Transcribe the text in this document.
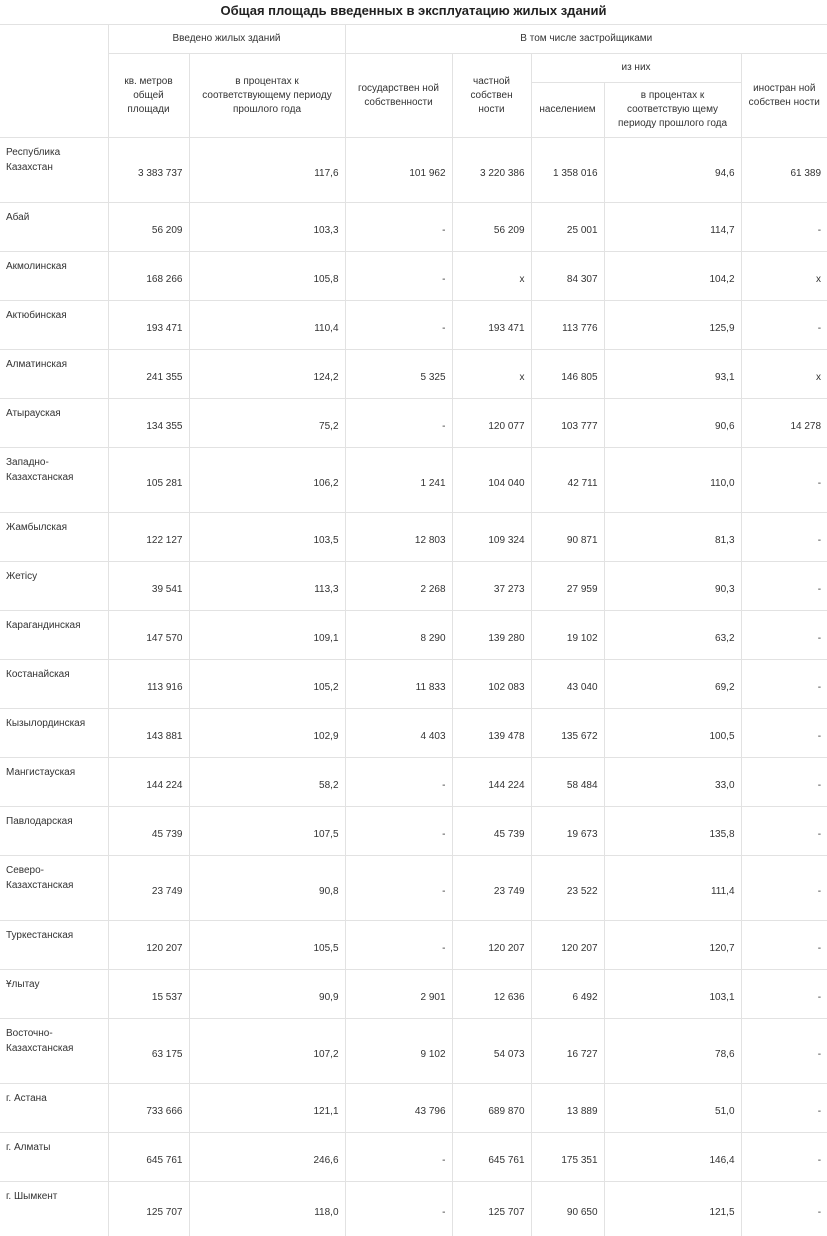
Общая площадь введенных в эксплуатацию жилых зданий
	Введено жилых зданий		В том числе застройщиками				
	кв. метров общей площади	в процентах к соответствующему периоду прошлого года	государствен ной собственности	частной собствен ности	из них		иностран ной собствен ности
					населением	в процентах к соответствую щему периоду прошлого года	
Республика Казахстан	3 383 737	117,6	101 962	3 220 386	1 358 016	94,6	61 389
Абай	56 209	103,3	-	56 209	25 001	114,7	-
Акмолинская	168 266	105,8	-	x	84 307	104,2	x
Актюбинская	193 471	110,4	-	193 471	113 776	125,9	-
Алматинская	241 355	124,2	5 325	x	146 805	93,1	x
Атырауская	134 355	75,2	-	120 077	103 777	90,6	14 278
Западно-Казахстанская	105 281	106,2	1 241	104 040	42 711	110,0	-
Жамбылская	122 127	103,5	12 803	109 324	90 871	81,3	-
Жетісу	39 541	113,3	2 268	37 273	27 959	90,3	-
Карагандинская	147 570	109,1	8 290	139 280	19 102	63,2	-
Костанайская	113 916	105,2	11 833	102 083	43 040	69,2	-
Кызылординская	143 881	102,9	4 403	139 478	135 672	100,5	-
Мангистауская	144 224	58,2	-	144 224	58 484	33,0	-
Павлодарская	45 739	107,5	-	45 739	19 673	135,8	-
Северо-Казахстанская	23 749	90,8	-	23 749	23 522	111,4	-
Туркестанская	120 207	105,5	-	120 207	120 207	120,7	-
Ұлытау	15 537	90,9	2 901	12 636	6 492	103,1	-
Восточно-Казахстанская	63 175	107,2	9 102	54 073	16 727	78,6	-
г. Астана	733 666	121,1	43 796	689 870	13 889	51,0	-
г. Алматы	645 761	246,6	-	645 761	175 351	146,4	-
г. Шымкент	125 707	118,0	-	125 707	90 650	121,5	-
